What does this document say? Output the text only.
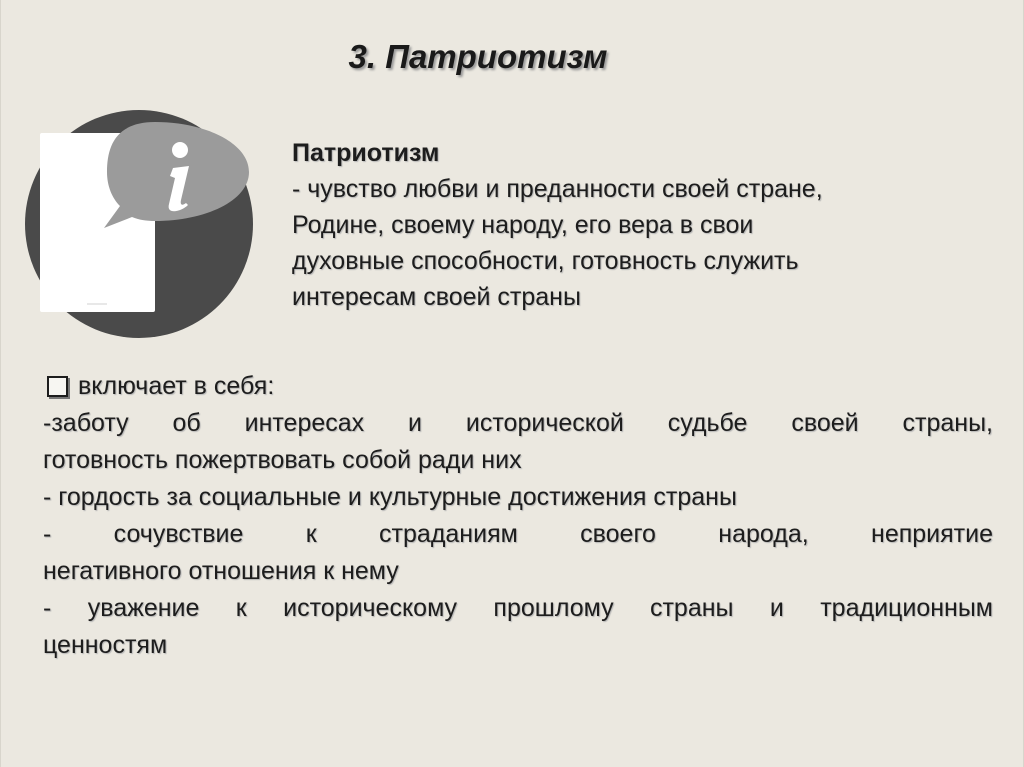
3. Патриотизм
Патриотизм
- чувство любви и преданности своей стране,
Родине, своему народу, его вера в свои
духовные способности, готовность служить
интересам своей страны
включает в себя:
-заботу об интересах и исторической судьбе своей страны,
готовность пожертвовать собой ради них
- гордость за социальные и культурные достижения страны
- сочувствие к страданиям своего народа, неприятие
негативного отношения к нему
- уважение к историческому прошлому страны и традиционным
ценностям
